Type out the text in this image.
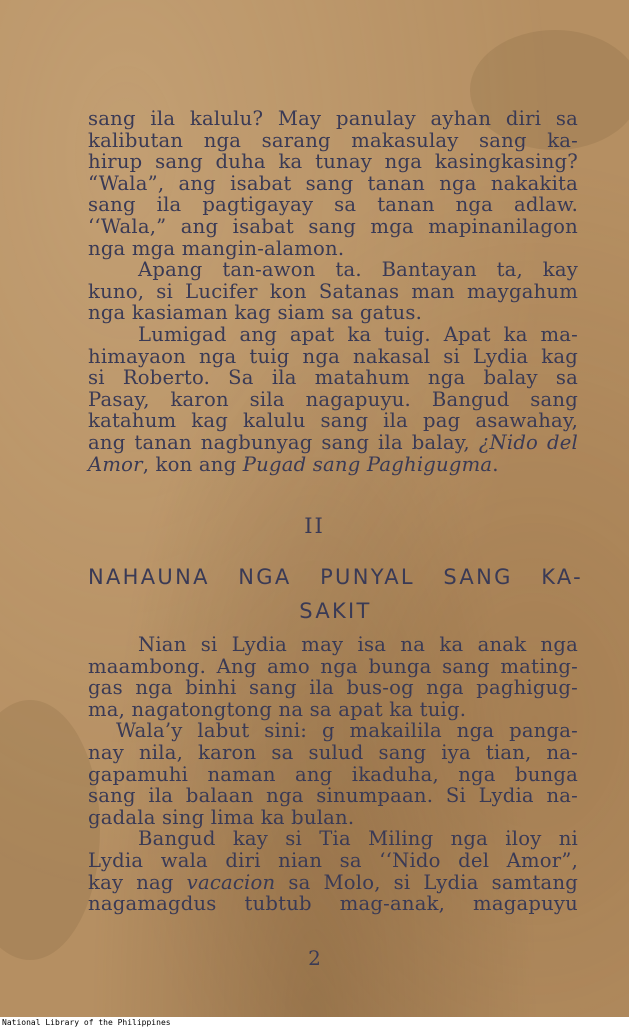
sang ila kalulu? May panulay ayhan diri sa
kalibutan nga sarang makasulay sang ka-
hirup sang duha ka tunay nga kasingkasing?
“Wala”, ang isabat sang tanan nga nakakita
sang ila pagtigayay sa tanan nga adlaw.
‘‘Wala,” ang isabat sang mga mapinanilagon
nga mga mangin-alamon.

Apang tan-awon ta. Bantayan ta, kay
kuno, si Lucifer kon Satanas man maygahum
nga kasiaman kag siam sa gatus.

Lumigad ang apat ka tuig. Apat ka ma-
himayaon nga tuig nga nakasal si Lydia kag
si Roberto. Sa ila matahum nga balay sa
Pasay, karon sila nagapuyu. Bangud sang
katahum kag kalulu sang ila pag asawahay,
ang tanan nagbunyag sang ila balay, ¿Nido del
Amor, kon ang Pugad sang Paghigugma.

II
NAHAUNA NGA PUNYAL SANG KA-
SAKIT

Nian si Lydia may isa na ka anak nga
maambong. Ang amo nga bunga sang mating-
gas nga binhi sang ila bus-og nga paghigug-
ma, nagatongtong na sa apat ka tuig.

Wala’y labut sini: g makailila nga panga-
nay nila, karon sa sulud sang iya tian, na-
gapamuhi naman ang ikaduha, nga bunga
sang ila balaan nga sinumpaan. Si Lydia na-
gadala sing lima ka bulan.

Bangud kay si Tia Miling nga iloy ni
Lydia wala diri nian sa ‘‘Nido del Amor”,
kay nag vacacion sa Molo, si Lydia samtang
nagamagdus tubtub mag-anak, magapuyu

2
National Library of the Philippines
